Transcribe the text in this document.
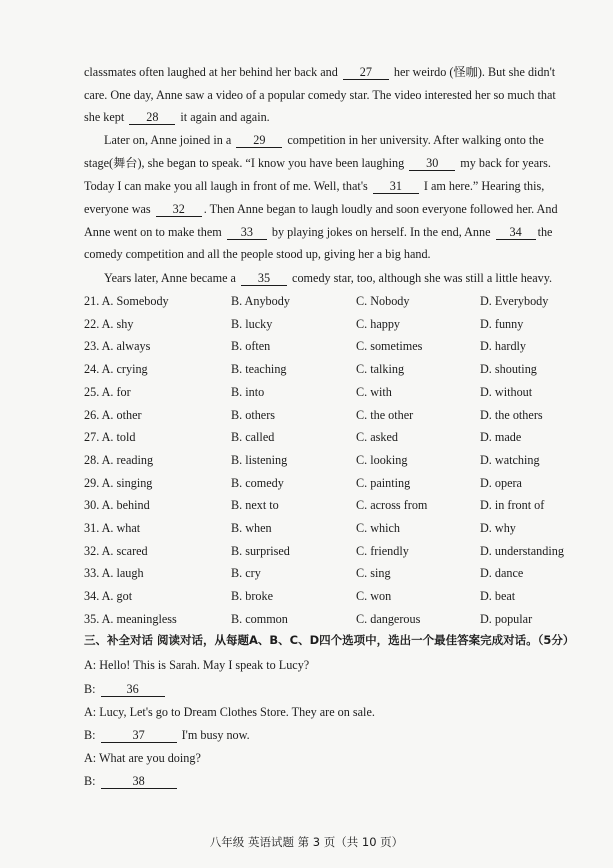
classmates often laughed at her behind her back and 27 her weirdo (怪咖). But she didn't
care. One day, Anne saw a video of a popular comedy star. The video interested her so much that
she kept 28 it again and again.
Later on, Anne joined in a 29 competition in her university. After walking onto the
stage(舞台), she began to speak. “I know you have been laughing 30 my back for years.
Today I can make you all laugh in front of me. Well, that's 31 I am here.” Hearing this,
everyone was 32 . Then Anne began to laugh loudly and soon everyone followed her. And
Anne went on to make them 33 by playing jokes on herself. In the end, Anne 34 the
comedy competition and all the people stood up, giving her a big hand.
Years later, Anne became a 35 comedy star, too, although she was still a little heavy.
21. A. Somebody	B. Anybody	C. Nobody	D. Everybody
22. A. shy	B. lucky	C. happy	D. funny
23. A. always	B. often	C. sometimes	D. hardly
24. A. crying	B. teaching	C. talking	D. shouting
25. A. for	B. into	C. with	D. without
26. A. other	B. others	C. the other	D. the others
27. A. told	B. called	C. asked	D. made
28. A. reading	B. listening	C. looking	D. watching
29. A. singing	B. comedy	C. painting	D. opera
30. A. behind	B. next to	C. across from	D. in front of
31. A. what	B. when	C. which	D. why
32. A. scared	B. surprised	C. friendly	D. understanding
33. A. laugh	B. cry	C. sing	D. dance
34. A. got	B. broke	C. won	D. beat
35. A. meaningless	B. common	C. dangerous	D. popular
三、补全对话 阅读对话，从每题A、B、C、D四个选项中，选出一个最佳答案完成对话。（5分）
A: Hello! This is Sarah. May I speak to Lucy?
B:	36
A: Lucy, Let's go to Dream Clothes Store. They are on sale.
B:	37	I'm busy now.
A: What are you doing?
B:	38
八年级 英语试题 第 3 页（共 10 页）
